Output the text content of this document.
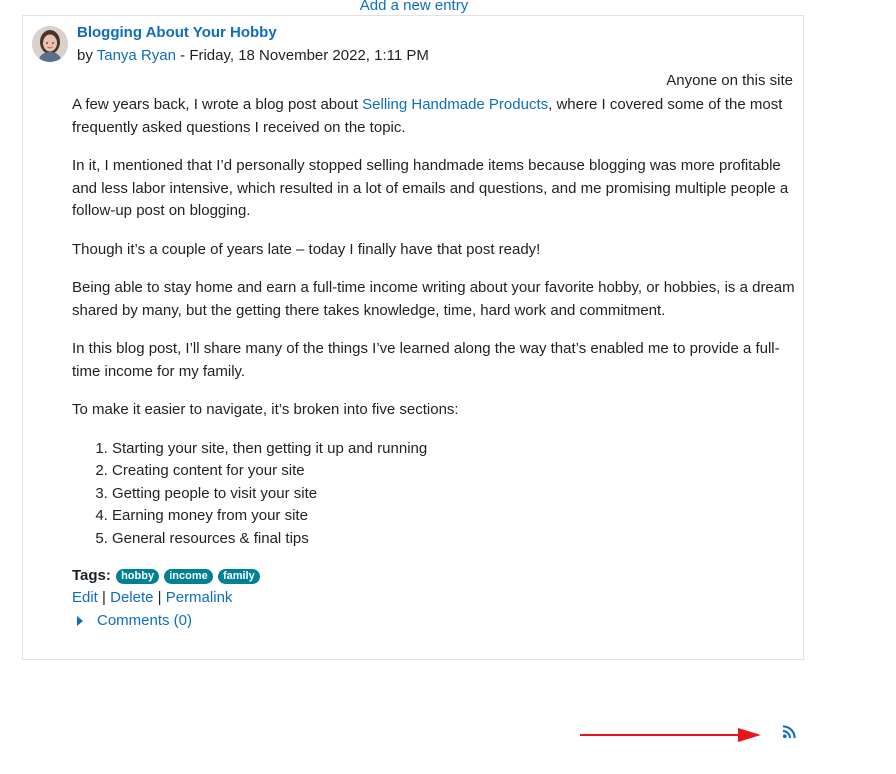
Add a new entry
Blogging About Your Hobby
by Tanya Ryan - Friday, 18 November 2022, 1:11 PM
Anyone on this site

A few years back, I wrote a blog post about Selling Handmade Products, where I covered some of the most frequently asked questions I received on the topic.

In it, I mentioned that I’d personally stopped selling handmade items because blogging was more profitable and less labor intensive, which resulted in a lot of emails and questions, and me promising multiple people a follow-up post on blogging.

Though it’s a couple of years late – today I finally have that post ready!

Being able to stay home and earn a full-time income writing about your favorite hobby, or hobbies, is a dream shared by many, but the getting there takes knowledge, time, hard work and commitment.

In this blog post, I’ll share many of the things I’ve learned along the way that’s enabled me to provide a full-time income for my family.

To make it easier to navigate, it’s broken into five sections:

1. Starting your site, then getting it up and running
2. Creating content for your site
3. Getting people to visit your site
4. Earning money from your site
5. General resources & final tips
Tags: hobby income family
Edit | Delete | Permalink
Comments (0)
